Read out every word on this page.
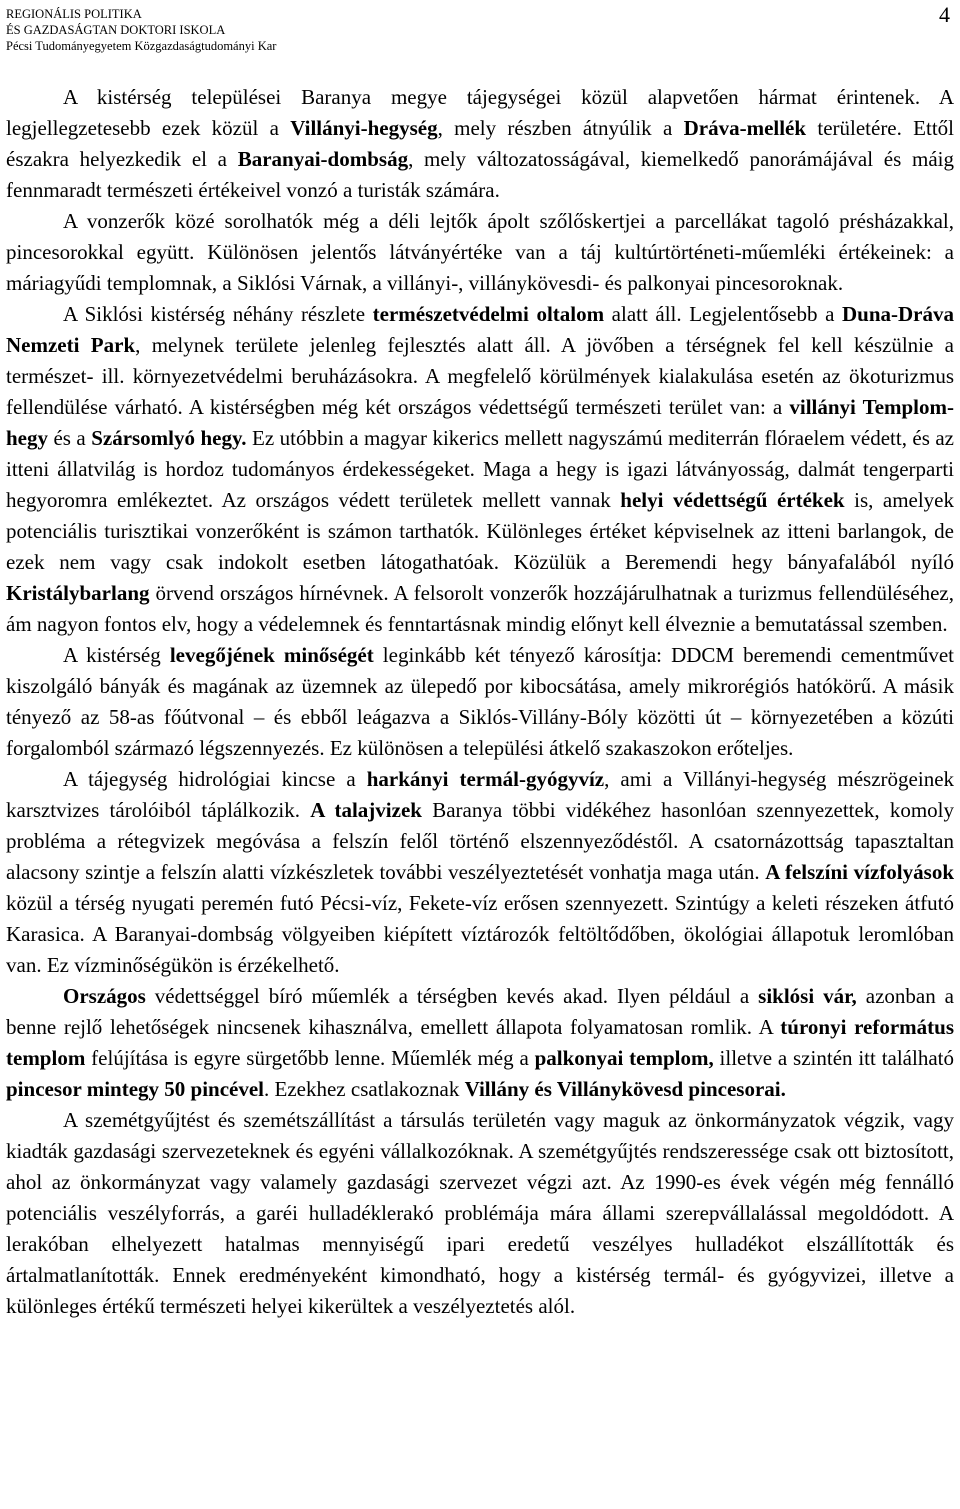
REGIONÁLIS POLITIKA
ÉS GAZDASÁGTAN DOKTORI ISKOLA
Pécsi Tudományegyetem Közgazdaságtudományi Kar
4

A kistérség települései Baranya megye tájegységei közül alapvetően hármat érintenek. A legjellegzetesebb ezek közül a Villányi-hegység, mely részben átnyúlik a Dráva-mellék területére. Ettől északra helyezkedik el a Baranyai-dombság, mely változatosságával, kiemelkedő panorámájával és máig fennmaradt természeti értékeivel vonzó a turisták számára.

A vonzerők közé sorolhatók még a déli lejtők ápolt szőlőskertjei a parcellákat tagoló présházakkal, pincesorokkal együtt. Különösen jelentős látványértéke van a táj kultúrtörténeti-műemléki értékeinek: a máriagyűdi templomnak, a Siklósi Várnak, a villányi-, villánykövesdi- és palkonyai pincesoroknak.

A Siklósi kistérség néhány részlete természetvédelmi oltalom alatt áll. Legjelentősebb a Duna-Dráva Nemzeti Park, melynek területe jelenleg fejlesztés alatt áll. A jövőben a térségnek fel kell készülnie a természet- ill. környezetvédelmi beruházásokra. A megfelelő körülmények kialakulása esetén az ökoturizmus fellendülése várható. A kistérségben még két országos védettségű természeti terület van: a villányi Templom-hegy és a Szársomlyó hegy. Ez utóbbin a magyar kikerics mellett nagyszámú mediterrán flóraelem védett, és az itteni állatvilág is hordoz tudományos érdekességeket. Maga a hegy is igazi látványosság, dalmát tengerparti hegyoromra emlékeztet. Az országos védett területek mellett vannak helyi védettségű értékek is, amelyek potenciális turisztikai vonzerőként is számon tarthatók. Különleges értéket képviselnek az itteni barlangok, de ezek nem vagy csak indokolt esetben látogathatóak. Közülük a Beremendi hegy bányafalából nyíló Kristálybarlang örvend országos hírnévnek. A felsorolt vonzerők hozzájárulhatnak a turizmus fellendüléséhez, ám nagyon fontos elv, hogy a védelemnek és fenntartásnak mindig előnyt kell élveznie a bemutatással szemben.

A kistérség levegőjének minőségét leginkább két tényező károsítja: DDCM beremendi cementművet kiszolgáló bányák és magának az üzemnek az ülepedő por kibocsátása, amely mikrorégiós hatókörű. A másik tényező az 58-as főútvonal – és ebből leágazva a Siklós-Villány-Bóly közötti út – környezetében a közúti forgalomból származó légszennyezés. Ez különösen a települési átkelő szakaszokon erőteljes.

A tájegység hidrológiai kincse a harkányi termál-gyógyvíz, ami a Villányi-hegység mészrögeinek karsztvizes tárolóiból táplálkozik. A talajvizek Baranya többi vidékéhez hasonlóan szennyezettek, komoly probléma a rétegvizek megóvása a felszín felől történő elszennyeződéstől. A csatornázottság tapasztaltan alacsony szintje a felszín alatti vízkészletek további veszélyeztetését vonhatja maga után. A felszíni vízfolyások közül a térség nyugati peremén futó Pécsi-víz, Fekete-víz erősen szennyezett. Szintúgy a keleti részeken átfutó Karasica. A Baranyai-dombság völgyeiben kiépített víztározók feltöltődőben, ökológiai állapotuk leromlóban van. Ez vízminőségükön is érzékelhető.

Országos védettséggel bíró műemlék a térségben kevés akad. Ilyen például a siklósi vár, azonban a benne rejlő lehetőségek nincsenek kihasználva, emellett állapota folyamatosan romlik. A túronyi református templom felújítása is egyre sürgetőbb lenne. Műemlék még a palkonyai templom, illetve a szintén itt található pincesor mintegy 50 pincével. Ezekhez csatlakoznak Villány és Villánykövesd pincesorai.

A szemétgyűjtést és szemétszállítást a társulás területén vagy maguk az önkormányzatok végzik, vagy kiadták gazdasági szervezeteknek és egyéni vállalkozóknak. A szemétgyűjtés rendszeressége csak ott biztosított, ahol az önkormányzat vagy valamely gazdasági szervezet végzi azt. Az 1990-es évek végén még fennálló potenciális veszélyforrás, a garéi hulladéklerakó problémája mára állami szerepvállalással megoldódott. A lerakóban elhelyezett hatalmas mennyiségű ipari eredetű veszélyes hulladékot elszállították és ártalmatlanították. Ennek eredményeként kimondható, hogy a kistérség termál- és gyógyvizei, illetve a különleges értékű természeti helyei kikerültek a veszélyeztetés alól.
